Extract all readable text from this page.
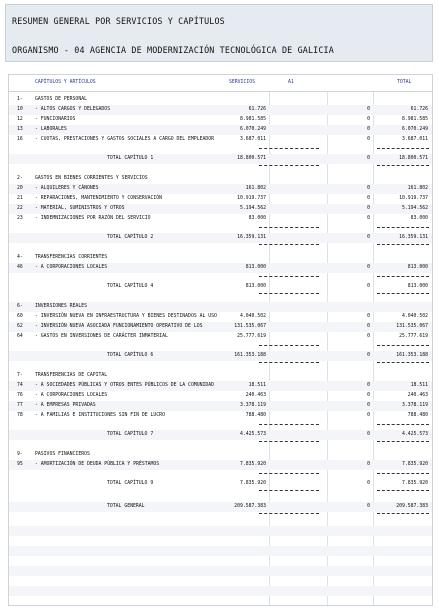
RESUMEN GENERAL POR SERVICIOS Y CAPÍTULOS
ORGANISMO - 04 AGENCIA DE MODERNIZACIÓN TECNOLÓGICA DE GALICIA
CAPÍTULOS Y ARTÍCULOS	SERVICIOS	A1	TOTAL
1-	GASTOS DE PERSONAL
10	- ALTOS CARGOS Y DELEGADOS	61.726	0	61.726
12	- FUNCIONARIOS	8.981.585	0	8.981.585
13	- LABORALES	6.070.249	0	6.070.249
16	- CUOTAS, PRESTACIONES Y GASTOS SOCIALES A CARGO DEL EMPLEADOR	3.687.011	0	3.687.011
TOTAL CAPÍTULO 1	18.800.571	0	18.800.571
2-	GASTOS EN BIENES CORRIENTES Y SERVICIOS
20	- ALQUILERES Y CÁNONES	161.802	0	161.802
21	- REPARACIONES, MANTENIMIENTO Y CONSERVACIÓN	10.919.737	0	10.919.737
22	- MATERIAL, SUMINISTROS Y OTROS	5.194.562	0	5.194.562
23	- INDEMNIZACIONES POR RAZÓN DEL SERVICIO	83.000	0	83.000
TOTAL CAPÍTULO 2	16.359.131	0	16.359.131
4-	TRANSFERENCIAS CORRIENTES
46	- A CORPORACIONES LOCALES	813.000	0	813.000
TOTAL CAPÍTULO 4	813.000	0	813.000
6-	INVERSIONES REALES
60	- INVERSIÓN NUEVA EN INFRAESTRUCTURA Y BIENES DESTINADOS AL USO	4.040.502	0	4.040.502
62	- INVERSIÓN NUEVA ASOCIADA FUNCIONAMIENTO OPERATIVO DE LOS	131.535.067	0	131.535.067
64	- GASTOS EN INVERSIONES DE CARÁCTER INMATERIAL	25.777.619	0	25.777.619
TOTAL CAPÍTULO 6	161.353.188	0	161.353.188
7-	TRANSFERENCIAS DE CAPITAL
74	- A SOCIEDADES PÚBLICAS Y OTROS ENTES PÚBLICOS DE LA COMUNIDAD	18.511	0	18.511
76	- A CORPORACIONES LOCALES	240.463	0	240.463
77	- A EMPRESAS PRIVADAS	3.378.119	0	3.378.119
78	- A FAMILIAS E INSTITUCIONES SIN FIN DE LUCRO	788.480	0	788.480
TOTAL CAPÍTULO 7	4.425.573	0	4.425.573
9-	PASIVOS FINANCIEROS
95	- AMORTIZACIÓN DE DEUDA PÚBLICA Y PRÉSTAMOS	7.835.920	0	7.835.920
TOTAL CAPÍTULO 9	7.835.920	0	7.835.920
TOTAL GENERAL	209.587.383	0	209.587.383
